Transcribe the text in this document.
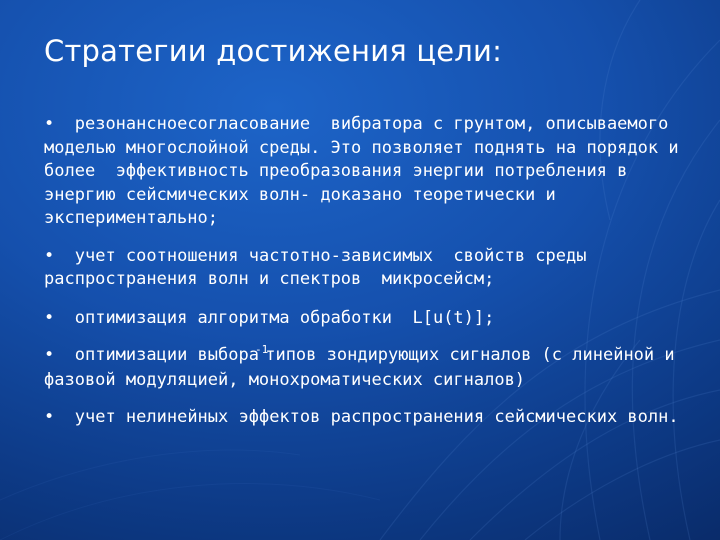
Стратегии достижения цели:
• резонансноесогласование  вибратора с грунтом, описываемого моделью многослойной среды. Это позволяет поднять на порядок и более  эффективность преобразования энергии потребления в энергию сейсмических волн- доказано теоретически и экспериментально;
• учет соотношения частотно-зависимых  свойств среды распространения волн и спектров  микросейсм;
• оптимизация алгоритма обработки  L[u(t)];
• оптимизации выбора$^{-1}$типов зондирующих сигналов (с линейной и фазовой модуляцией, монохроматических сигналов)
• учет нелинейных эффектов распространения сейсмических волн.
